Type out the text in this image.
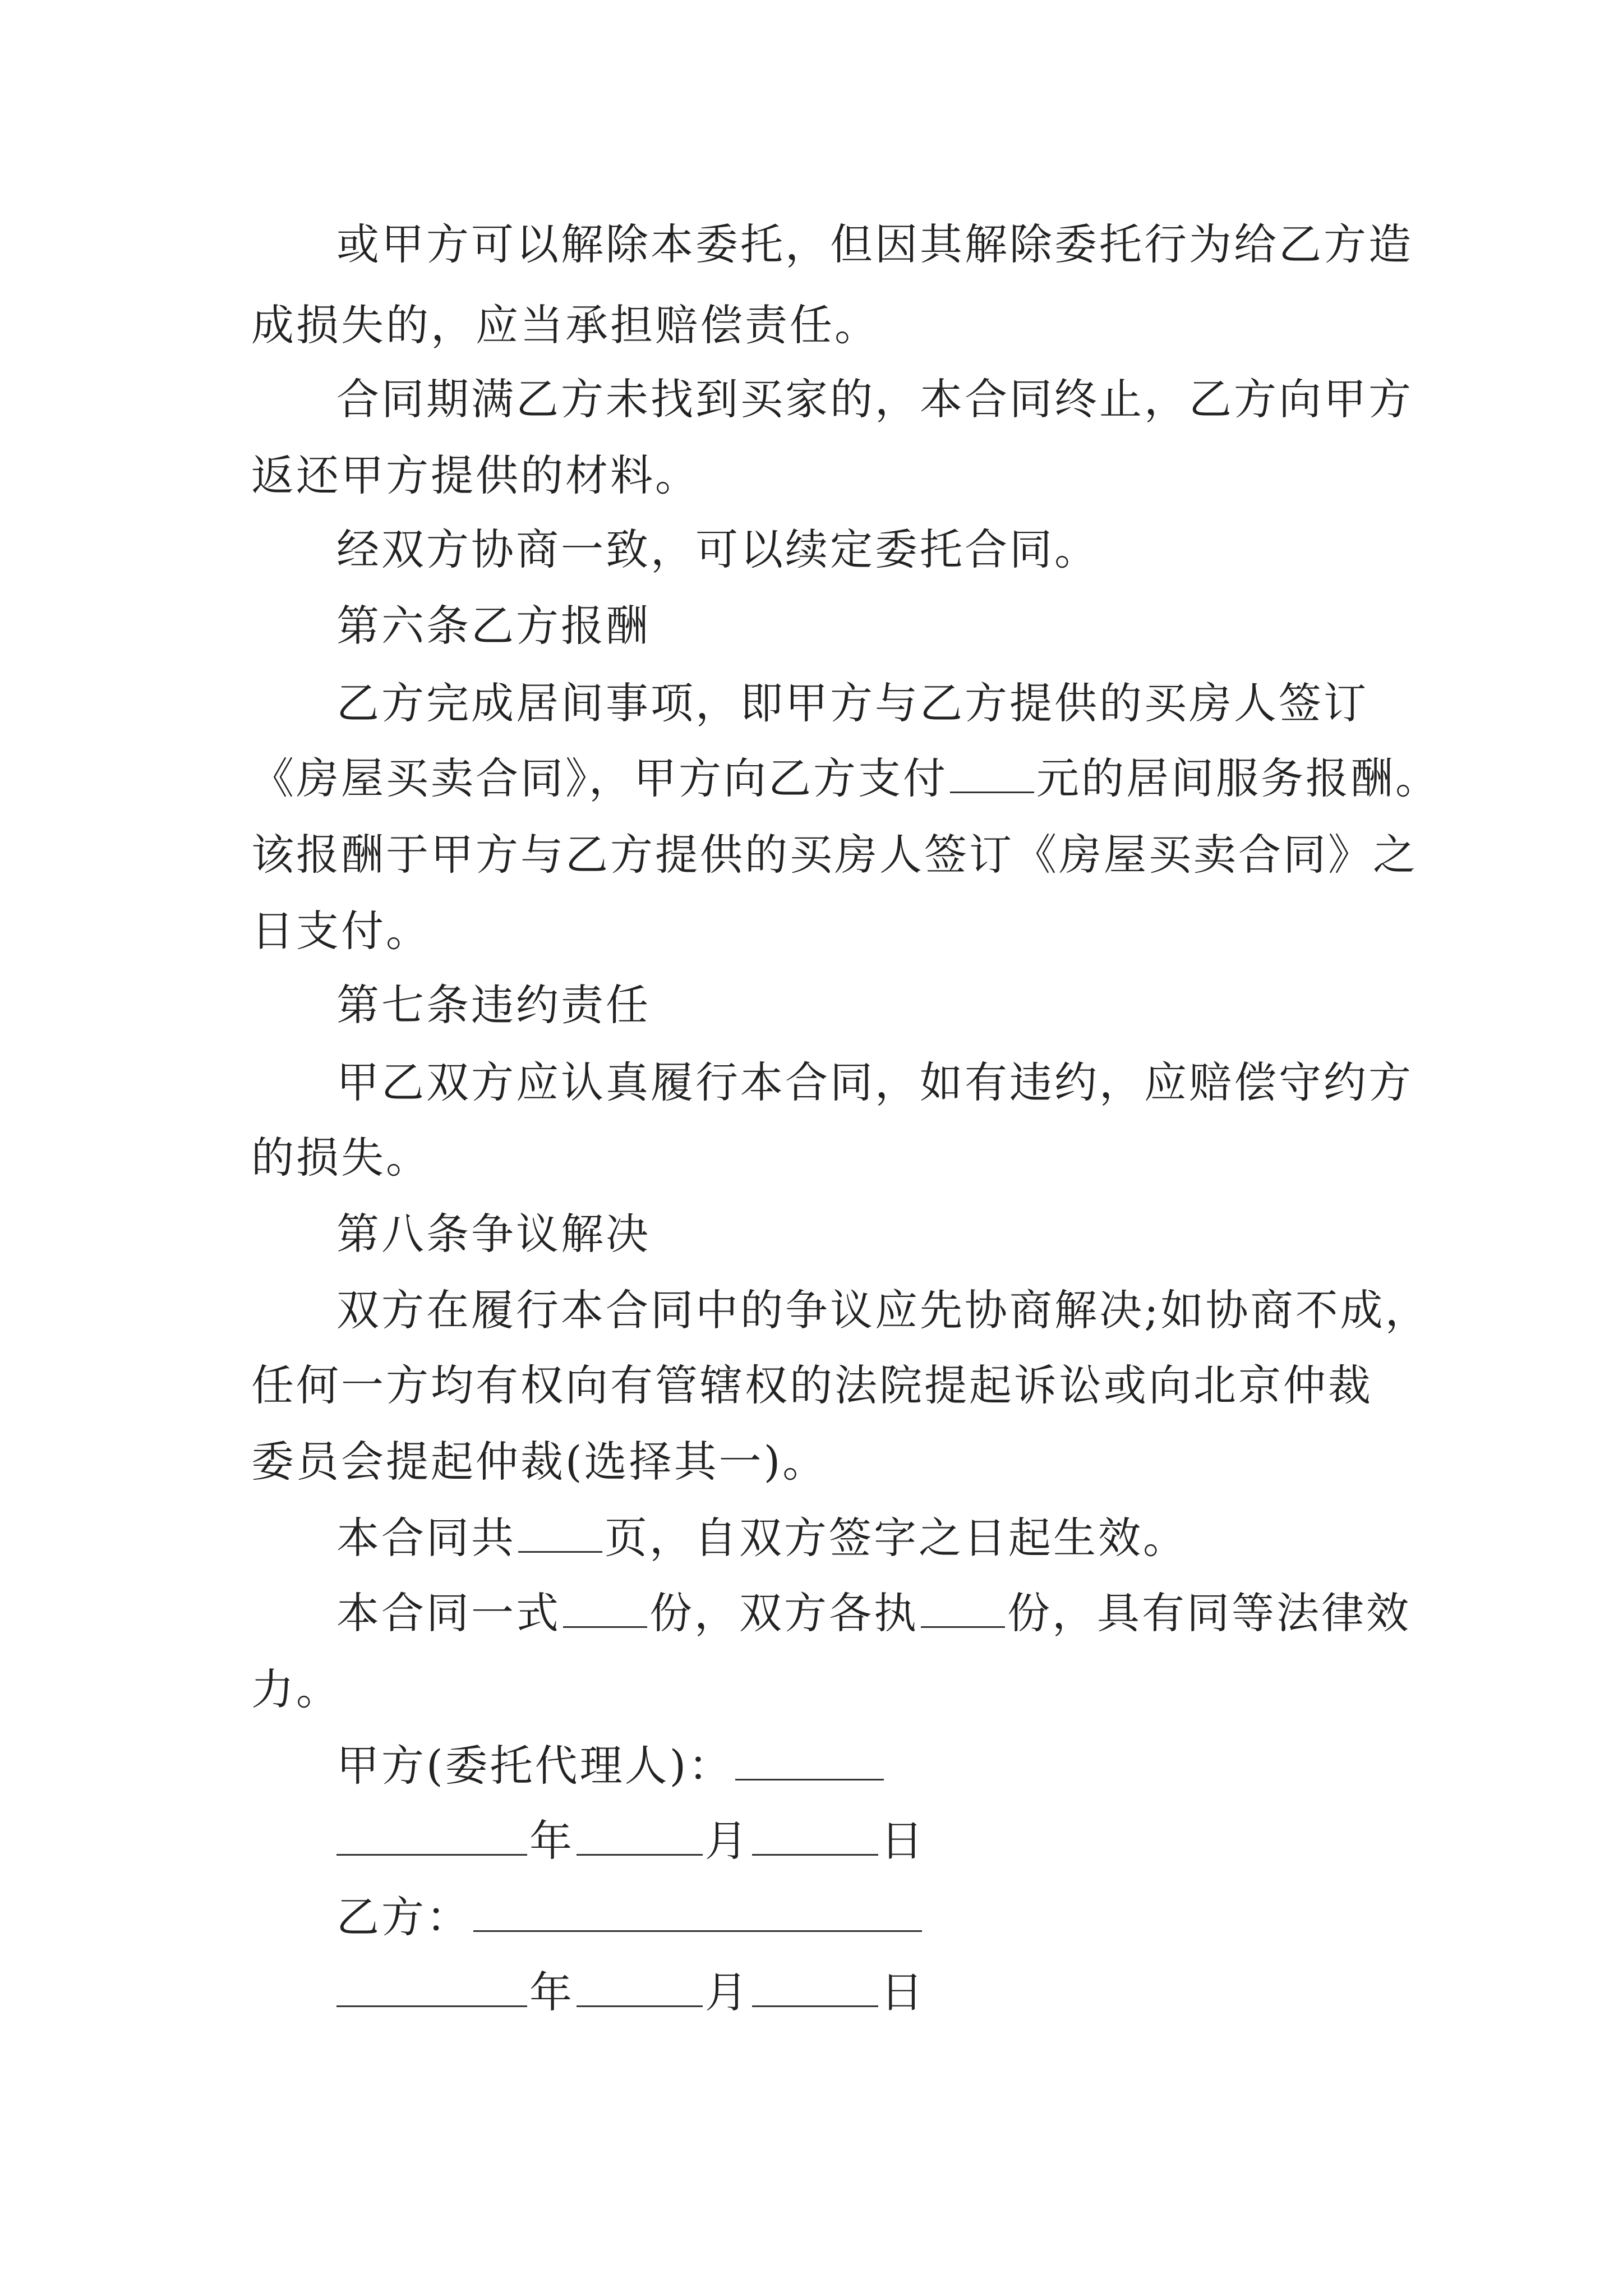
或甲方可以解除本委托，但因其解除委托行为给乙方造
成损失的，应当承担赔偿责任。
合同期满乙方未找到买家的，本合同终止，乙方向甲方
返还甲方提供的材料。
经双方协商一致，可以续定委托合同。
第六条乙方报酬
乙方完成居间事项，即甲方与乙方提供的买房人签订
《房屋买卖合同》，甲方向乙方支付 元的居间服务报酬。
该报酬于甲方与乙方提供的买房人签订《房屋买卖合同》之
日支付。
第七条违约责任
甲乙双方应认真履行本合同，如有违约，应赔偿守约方
的损失。
第八条争议解决
双方在履行本合同中的争议应先协商解决;如协商不成，
任何一方均有权向有管辖权的法院提起诉讼或向北京仲裁
委员会提起仲裁(选择其一)。
本合同共 页，自双方签字之日起生效。
本合同一式 份，双方各执 份，具有同等法律效
力。
甲方(委托代理人)：
年	月	日
乙方：
年	月	日
